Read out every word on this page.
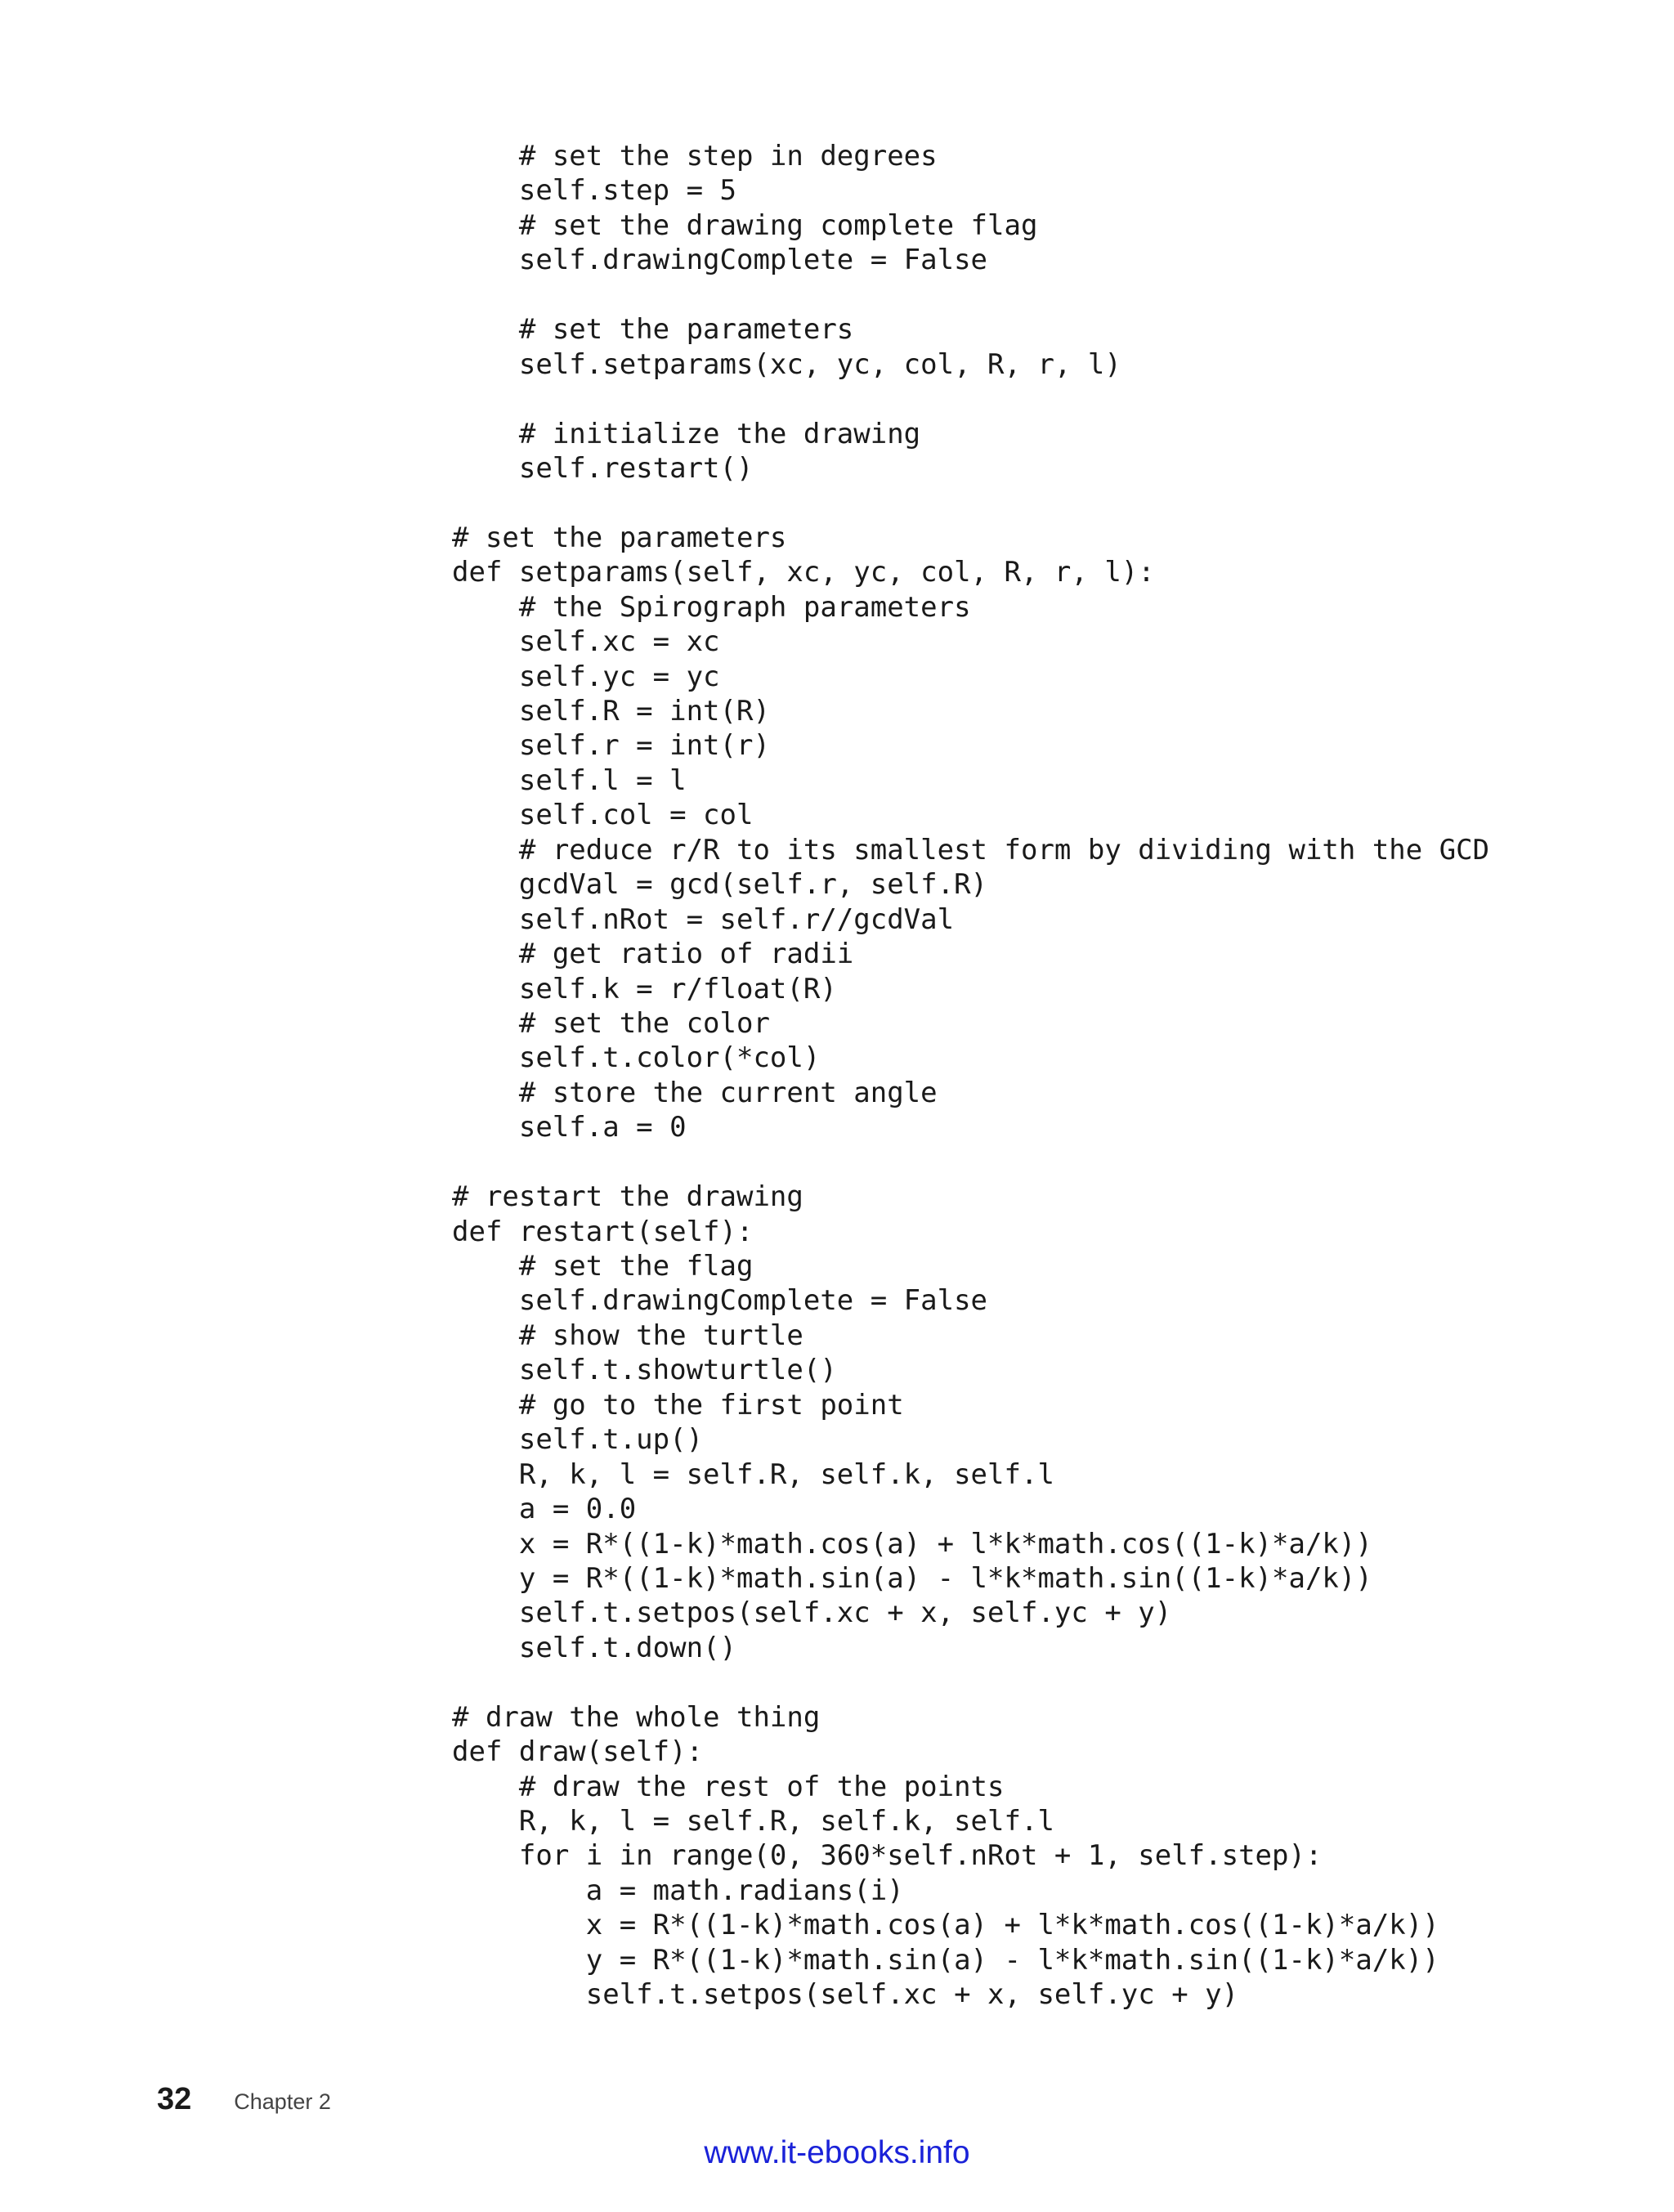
# set the step in degrees
self.step = 5
# set the drawing complete flag
self.drawingComplete = False
# set the parameters
self.setparams(xc, yc, col, R, r, l)
# initialize the drawing
self.restart()
# set the parameters
def setparams(self, xc, yc, col, R, r, l):
# the Spirograph parameters
self.xc = xc
self.yc = yc
self.R = int(R)
self.r = int(r)
self.l = l
self.col = col
# reduce r/R to its smallest form by dividing with the GCD
gcdVal = gcd(self.r, self.R)
self.nRot = self.r//gcdVal
# get ratio of radii
self.k = r/float(R)
# set the color
self.t.color(*col)
# store the current angle
self.a = 0
# restart the drawing
def restart(self):
# set the flag
self.drawingComplete = False
# show the turtle
self.t.showturtle()
# go to the first point
self.t.up()
R, k, l = self.R, self.k, self.l
a = 0.0
x = R*((1-k)*math.cos(a) + l*k*math.cos((1-k)*a/k))
y = R*((1-k)*math.sin(a) - l*k*math.sin((1-k)*a/k))
self.t.setpos(self.xc + x, self.yc + y)
self.t.down()
# draw the whole thing
def draw(self):
# draw the rest of the points
R, k, l = self.R, self.k, self.l
for i in range(0, 360*self.nRot + 1, self.step):
a = math.radians(i)
x = R*((1-k)*math.cos(a) + l*k*math.cos((1-k)*a/k))
y = R*((1-k)*math.sin(a) - l*k*math.sin((1-k)*a/k))
self.t.setpos(self.xc + x, self.yc + y)
32 Chapter 2
www.it-ebooks.info
